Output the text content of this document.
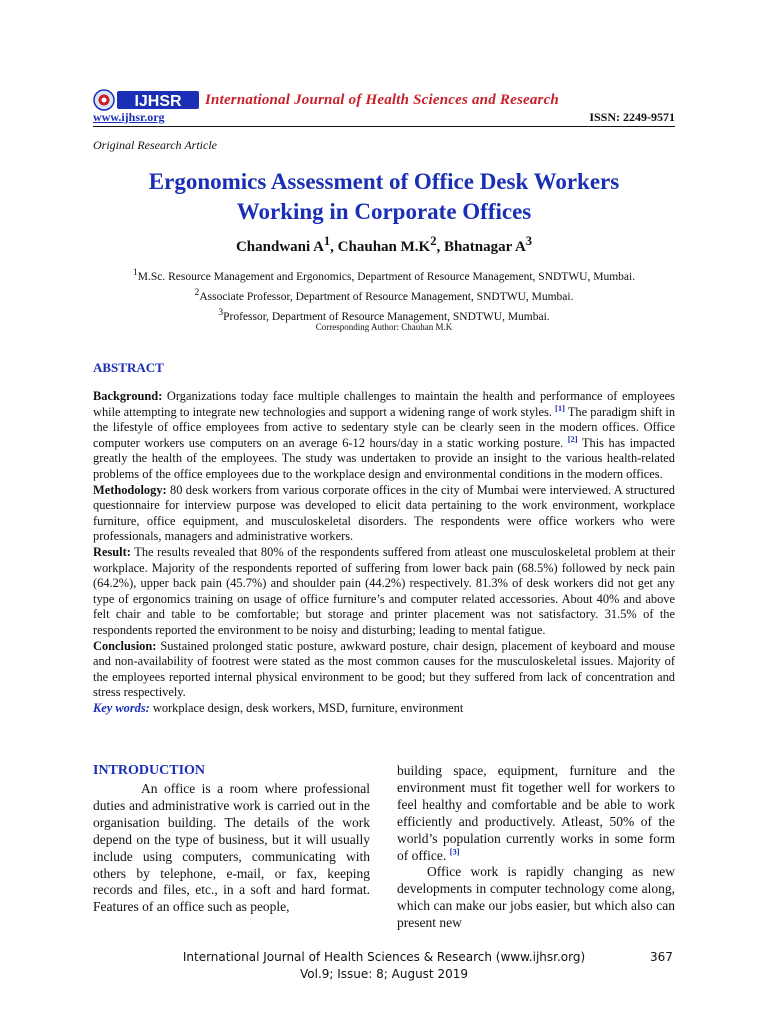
IJHSR International Journal of Health Sciences and Research
www.ijhsr.org	ISSN: 2249-9571
Original Research Article
Ergonomics Assessment of Office Desk Workers
Working in Corporate Offices
Chandwani $A^1$, Chauhan $M.K^2$, Bhatnagar $A^3$
$^1$M.Sc. Resource Management and Ergonomics, Department of Resource Management, SNDTWU, Mumbai.
$^2$Associate Professor, Department of Resource Management, SNDTWU, Mumbai.
$^3$Professor, Department of Resource Management, SNDTWU, Mumbai.
Corresponding Author: Chauhan M.K
ABSTRACT

Background: Organizations today face multiple challenges to maintain the health and performance of employees while attempting to integrate new technologies and support a widening range of work styles. [1] The paradigm shift in the lifestyle of office employees from active to sedentary style can be clearly seen in the modern offices. Office computer workers use computers on an average 6-12 hours/day in a static working posture. [2] This has impacted greatly the health of the employees. The study was undertaken to provide an insight to the various health-related problems of the office employees due to the workplace design and environmental conditions in the modern offices.

Methodology: 80 desk workers from various corporate offices in the city of Mumbai were interviewed. A structured questionnaire for interview purpose was developed to elicit data pertaining to the work environment, workplace furniture, office equipment, and musculoskeletal disorders. The respondents were office workers who were professionals, managers and administrative workers.

Result: The results revealed that 80% of the respondents suffered from atleast one musculoskeletal problem at their workplace. Majority of the respondents reported of suffering from lower back pain (68.5%) followed by neck pain (64.2%), upper back pain (45.7%) and shoulder pain (44.2%) respectively. 81.3% of desk workers did not get any type of ergonomics training on usage of office furniture’s and computer related accessories. About 40% and above felt chair and table to be comfortable; but storage and printer placement was not satisfactory. 31.5% of the respondents reported the environment to be noisy and disturbing; leading to mental fatigue.

Conclusion: Sustained prolonged static posture, awkward posture, chair design, placement of keyboard and mouse and non-availability of footrest were stated as the most common causes for the musculoskeletal issues. Majority of the employees reported internal physical environment to be good; but they suffered from lack of concentration and stress respectively.

Key words: workplace design, desk workers, MSD, furniture, environment

INTRODUCTION

An office is a room where professional duties and administrative work is carried out in the organisation building. The details of the work depend on the type of business, but it will usually include using computers, communicating with others by telephone, e-mail, or fax, keeping records and files, etc., in a soft and hard format. Features of an office such as people,

building space, equipment, furniture and the environment must fit together well for workers to feel healthy and comfortable and be able to work efficiently and productively. Atleast, 50% of the world’s population currently works in some form of office. [3]

Office work is rapidly changing as new developments in computer technology come along, which can make our jobs easier, but which also can present new

International Journal of Health Sciences & Research (www.ijhsr.org)	367
Vol.9; Issue: 8; August 2019
